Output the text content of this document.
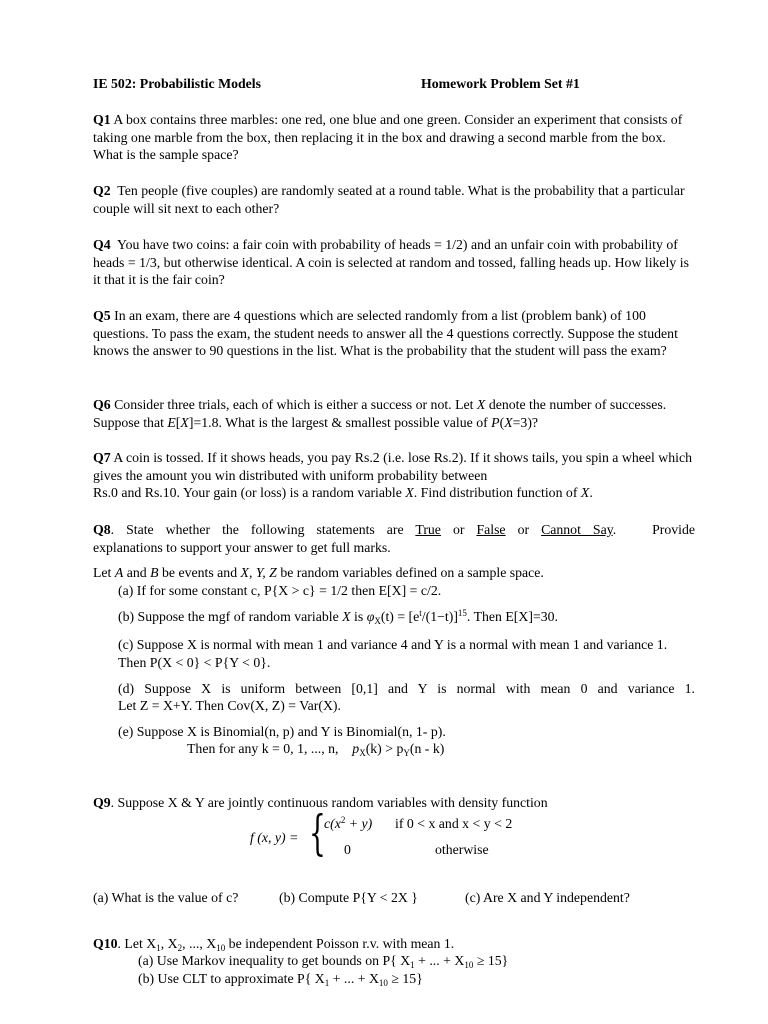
IE 502: Probabilistic Models	Homework Problem Set #1

Q1 A box contains three marbles: one red, one blue and one green. Consider an experiment that consists of taking one marble from the box, then replacing it in the box and drawing a second marble from the box. What is the sample space?

Q2 Ten people (five couples) are randomly seated at a round table. What is the probability that a particular couple will sit next to each other?

Q4 You have two coins: a fair coin with probability of heads = 1/2) and an unfair coin with probability of heads = 1/3, but otherwise identical. A coin is selected at random and tossed, falling heads up. How likely is it that it is the fair coin?

Q5 In an exam, there are 4 questions which are selected randomly from a list (problem bank) of 100 questions. To pass the exam, the student needs to answer all the 4 questions correctly. Suppose the student knows the answer to 90 questions in the list. What is the probability that the student will pass the exam?

Q6 Consider three trials, each of which is either a success or not. Let X denote the number of successes. Suppose that E[X]=1.8. What is the largest & smallest possible value of P(X=3)?

Q7 A coin is tossed. If it shows heads, you pay Rs.2 (i.e. lose Rs.2). If it shows tails, you spin a wheel which gives the amount you win distributed with uniform probability between
Rs.0 and Rs.10. Your gain (or loss) is a random variable X. Find distribution function of X.

Q8. State whether the following statements are True or False or Cannot Say.   Provide

explanations to support your answer to get full marks.

Let A and B be events and X, Y, Z be random variables defined on a sample space.

(a) If for some constant c, P{X > c} = 1/2 then E[X] = c/2.
(b) Suppose the mgf of random variable X is $\varphi_X(t) = [e^t/(1-t)]^{15}$. Then E[X]=30.

(c) Suppose X is normal with mean 1 and variance 4 and Y is a normal with mean 1 and variance 1. Then P(X < 0} < P{Y < 0}.

(d) Suppose X is uniform between [0,1] and Y is normal with mean 0 and variance 1.

Let Z = X+Y. Then Cov(X, Z) = Var(X).
(e) Suppose X is Binomial(n, p) and Y is Binomial(n, 1- p).
Then for any k = 0, 1, ..., n, $p_X(k) > p_Y(n - k)$
Q9. Suppose X & Y are jointly continuous random variables with density function
f (x, y) = {
$c(x^2 + y)$ if 0 < x and x < y < 2
0	otherwise
(a) What is the value of c?	(b) Compute P{Y < 2X }	(c) Are X and Y independent?
Q10. Let $X_1$, $X_2$, ..., $X_{10}$ be independent Poisson r.v. with mean 1.
(a) Use Markov inequality to get bounds on P{ $X_1$ + ... + $X_{10} \ge 15$}
(b) Use CLT to approximate P{ $X_1$ + ... + $X_{10} \ge 15$}
